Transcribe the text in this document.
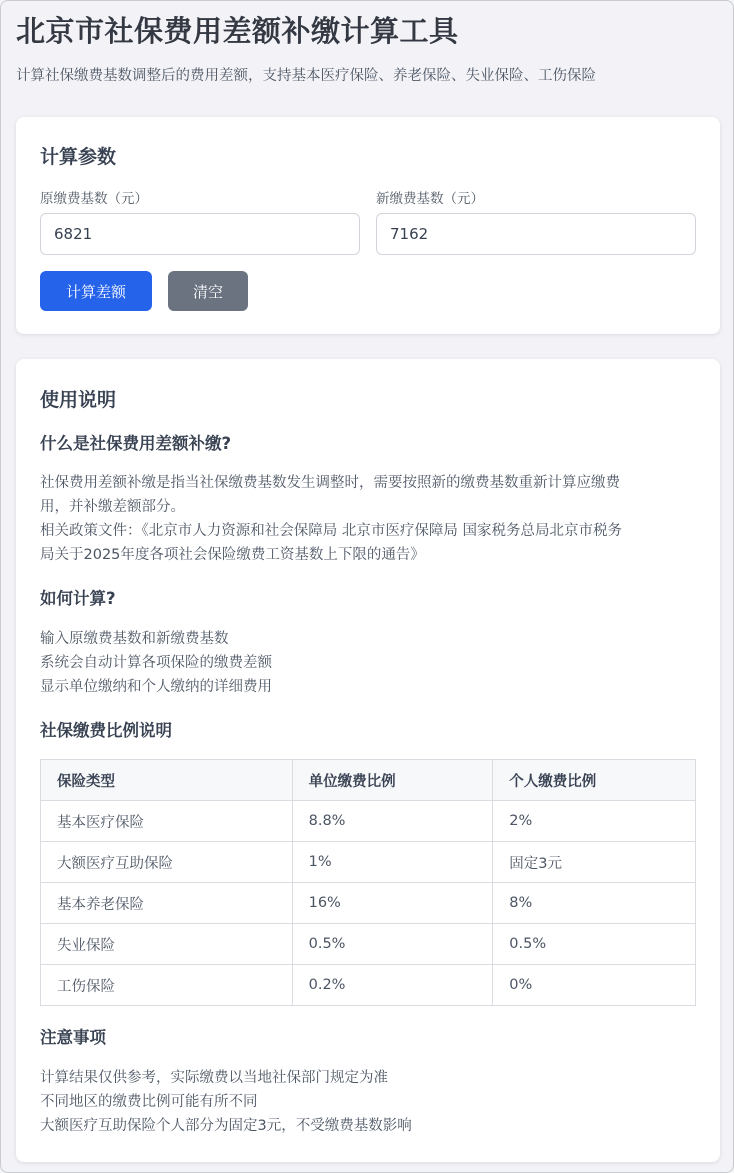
北京市社保费用差额补缴计算工具
计算社保缴费基数调整后的费用差额，支持基本医疗保险、养老保险、失业保险、工伤保险
计算参数
原缴费基数（元）
6821	新缴费基数（元）
7162
计算差额	清空
使用说明
什么是社保费用差额补缴?
社保费用差额补缴是指当社保缴费基数发生调整时，需要按照新的缴费基数重新计算应缴费
用，并补缴差额部分。
相关政策文件：《北京市人力资源和社会保障局 北京市医疗保障局 国家税务总局北京市税务
局关于2025年度各项社会保险缴费工资基数上下限的通告》
如何计算?
输入原缴费基数和新缴费基数
系统会自动计算各项保险的缴费差额
显示单位缴纳和个人缴纳的详细费用
社保缴费比例说明
保险类型	单位缴费比例	个人缴费比例
基本医疗保险	8.8%	2%
大额医疗互助保险	1%	固定3元
基本养老保险	16%	8%
失业保险	0.5%	0.5%
工伤保险	0.2%	0%
注意事项
计算结果仅供参考，实际缴费以当地社保部门规定为准
不同地区的缴费比例可能有所不同
大额医疗互助保险个人部分为固定3元，不受缴费基数影响
